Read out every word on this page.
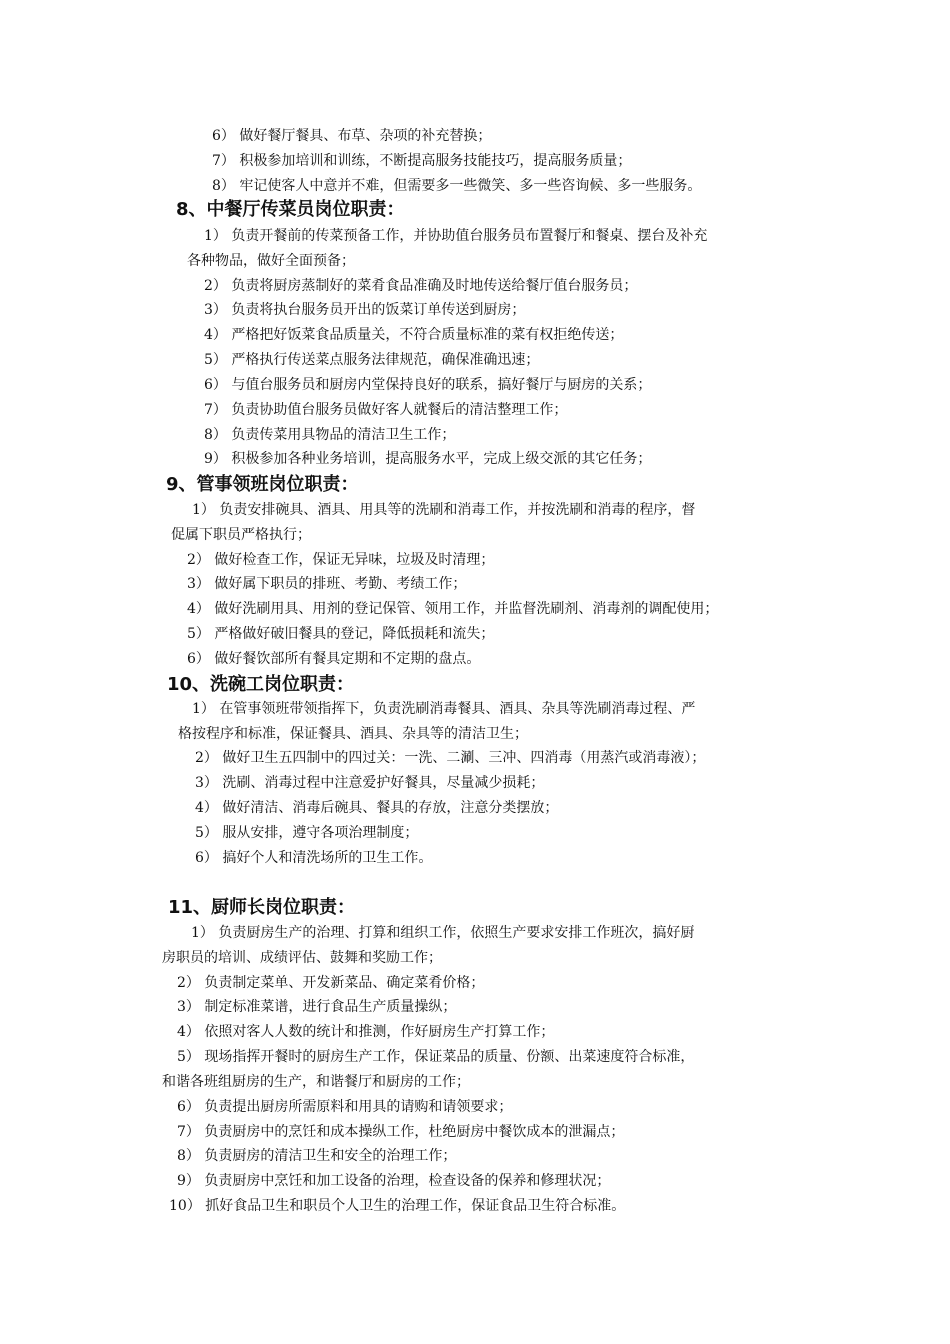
6） 做好餐厅餐具、布草、杂项的补充替换；
7） 积极参加培训和训练，不断提高服务技能技巧，提高服务质量；
8） 牢记使客人中意并不难，但需要多一些微笑、多一些咨询候、多一些服务。
8、中餐厅传菜员岗位职责：
1） 负责开餐前的传菜预备工作，并协助值台服务员布置餐厅和餐桌、摆台及补充
各种物品，做好全面预备；
2） 负责将厨房蒸制好的菜肴食品准确及时地传送给餐厅值台服务员；
3） 负责将执台服务员开出的饭菜订单传送到厨房；
4） 严格把好饭菜食品质量关，不符合质量标准的菜有权拒绝传送；
5） 严格执行传送菜点服务法律规范，确保准确迅速；
6） 与值台服务员和厨房内堂保持良好的联系，搞好餐厅与厨房的关系；
7） 负责协助值台服务员做好客人就餐后的清洁整理工作；
8） 负责传菜用具物品的清洁卫生工作；
9） 积极参加各种业务培训，提高服务水平，完成上级交派的其它任务；
9、管事领班岗位职责：
1） 负责安排碗具、酒具、用具等的洗刷和消毒工作，并按洗刷和消毒的程序，督
促属下职员严格执行；
2） 做好检查工作，保证无异味，垃圾及时清理；
3） 做好属下职员的排班、考勤、考绩工作；
4） 做好洗刷用具、用剂的登记保管、领用工作，并监督洗刷剂、消毒剂的调配使用；
5） 严格做好破旧餐具的登记，降低损耗和流失；
6） 做好餐饮部所有餐具定期和不定期的盘点。
10、洗碗工岗位职责：
1） 在管事领班带领指挥下，负责洗刷消毒餐具、酒具、杂具等洗刷消毒过程、严
格按程序和标准，保证餐具、酒具、杂具等的清洁卫生；
2） 做好卫生五四制中的四过关：一洗、二涮、三冲、四消毒（用蒸汽或消毒液）；
3） 洗刷、消毒过程中注意爱护好餐具，尽量减少损耗；
4） 做好清洁、消毒后碗具、餐具的存放，注意分类摆放；
5） 服从安排，遵守各项治理制度；
6） 搞好个人和清洗场所的卫生工作。
11、厨师长岗位职责：
1） 负责厨房生产的治理、打算和组织工作，依照生产要求安排工作班次，搞好厨
房职员的培训、成绩评估、鼓舞和奖励工作；
2） 负责制定菜单、开发新菜品、确定菜肴价格；
3） 制定标准菜谱，进行食品生产质量操纵；
4） 依照对客人人数的统计和推测，作好厨房生产打算工作；
5） 现场指挥开餐时的厨房生产工作，保证菜品的质量、份额、出菜速度符合标准，
和谐各班组厨房的生产，和谐餐厅和厨房的工作；
6） 负责提出厨房所需原料和用具的请购和请领要求；
7） 负责厨房中的烹饪和成本操纵工作，杜绝厨房中餐饮成本的泄漏点；
8） 负责厨房的清洁卫生和安全的治理工作；
9） 负责厨房中烹饪和加工设备的治理，检查设备的保养和修理状况；
10） 抓好食品卫生和职员个人卫生的治理工作，保证食品卫生符合标准。
